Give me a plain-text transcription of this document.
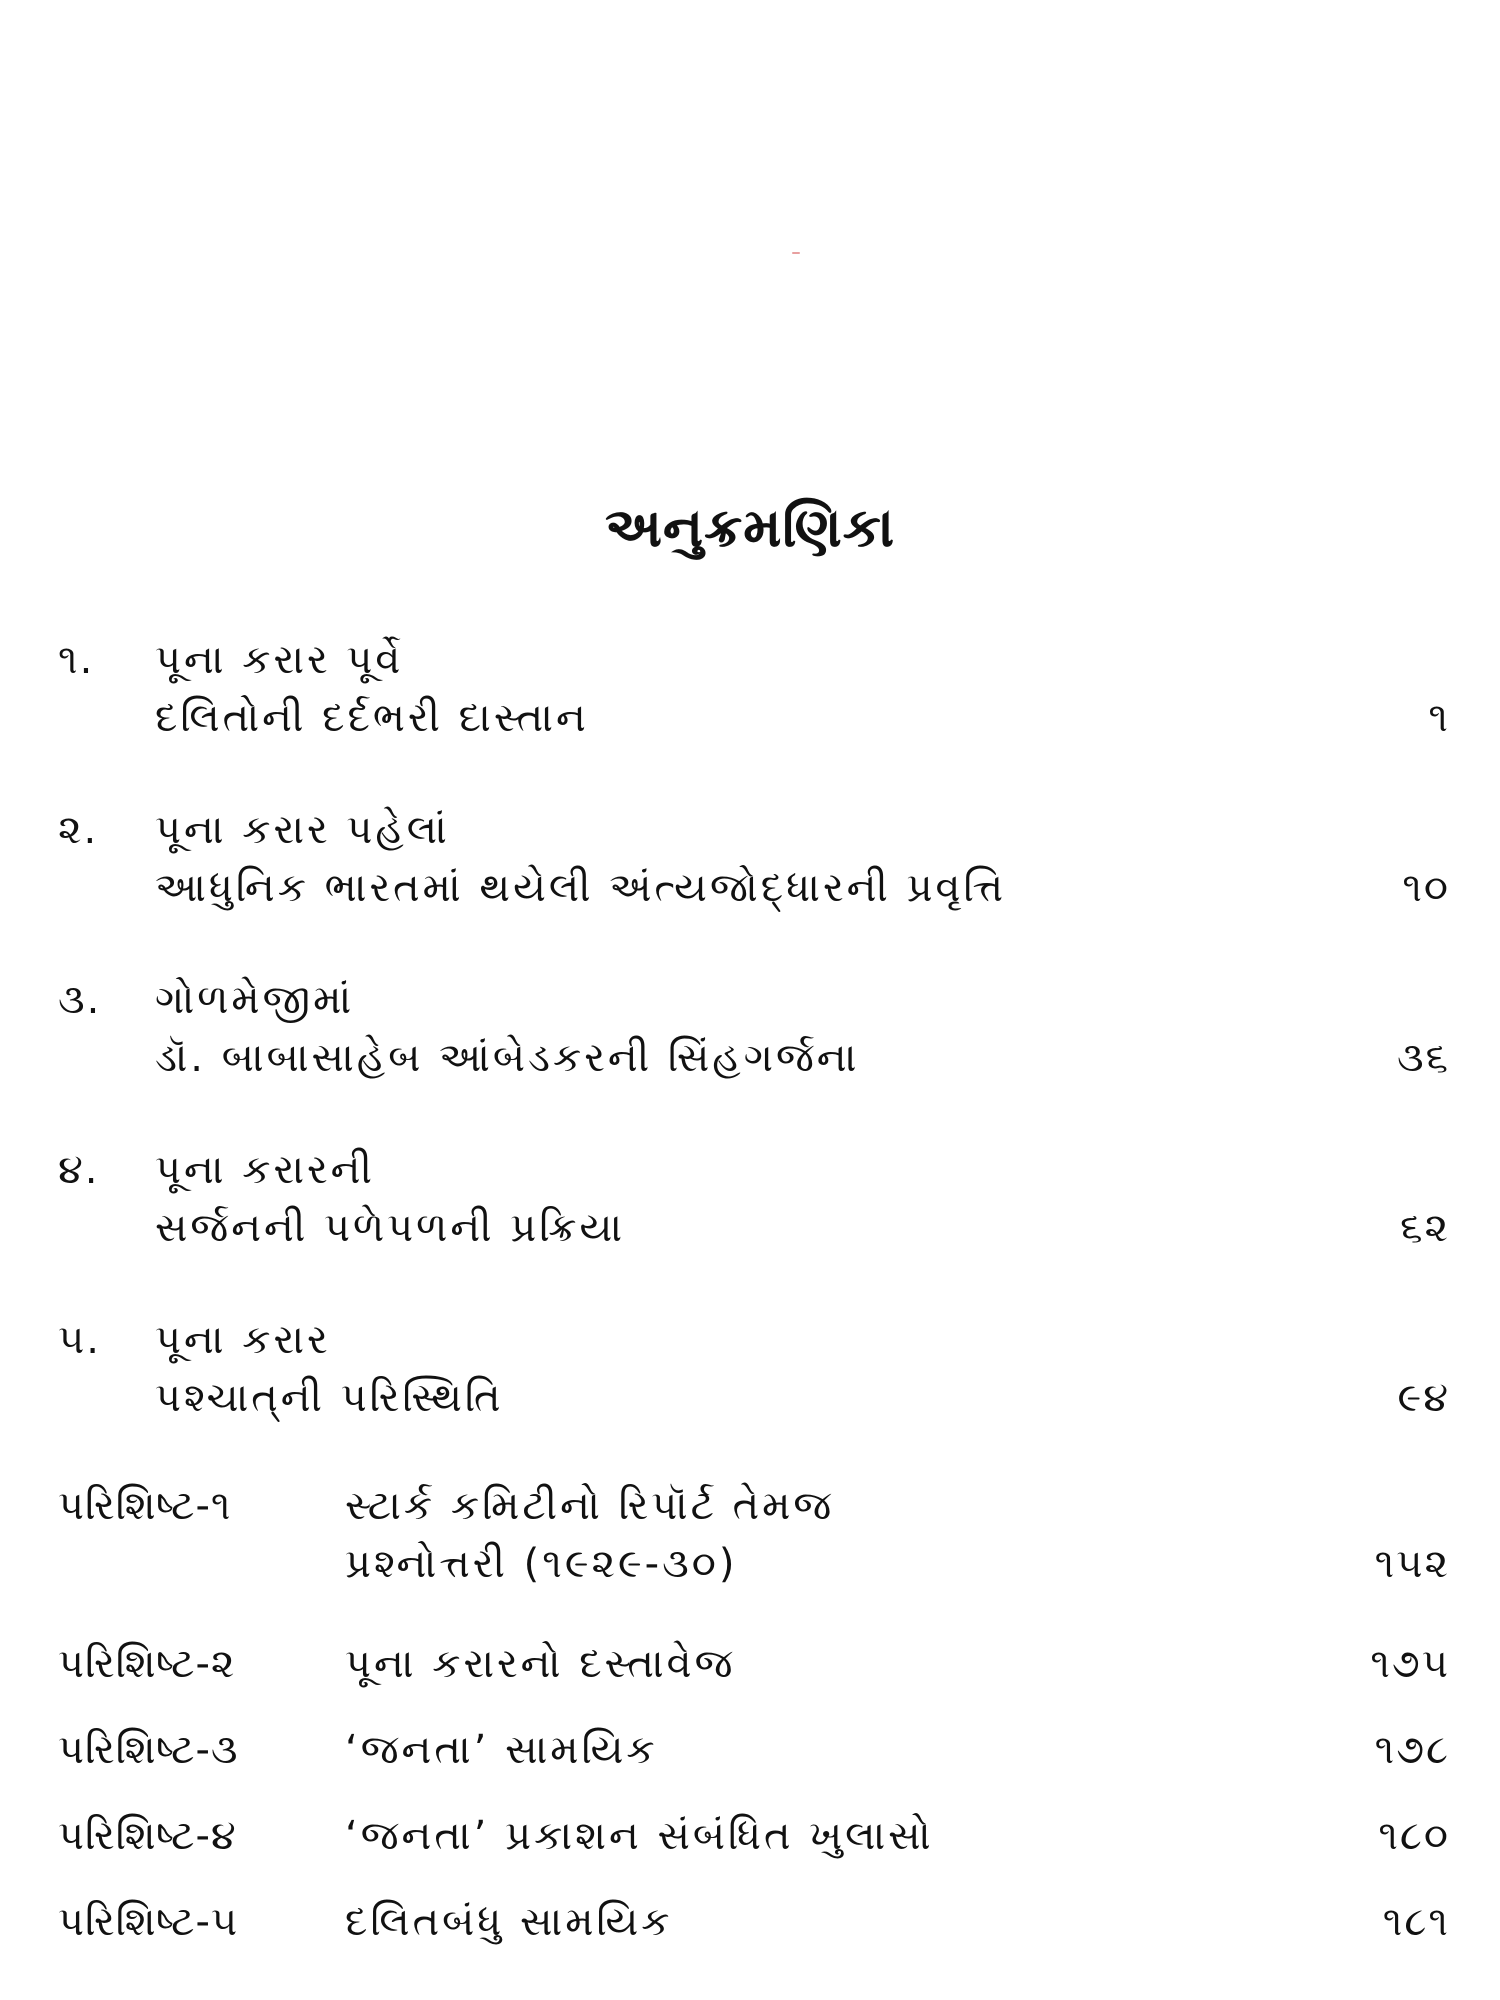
અનુક્રમણિકા
૧. પૂના કરાર પૂર્વે
દલિતોની દર્દભરી દાસ્તાન	૧
૨. પૂના કરાર પહેલાં
આધુનિક ભારતમાં થયેલી અંત્યજોદ્ધારની પ્રવૃત્તિ	૧૦
૩. ગોળમેજીમાં
ડૉ. બાબાસાહેબ આંબેડકરની સિંહગર્જના	૩૬
૪. પૂના કરારની
સર્જનની પળેપળની પ્રક્રિયા	૬૨
૫. પૂના કરાર
પશ્ચાત્‌ની પરિસ્થિતિ	૯૪
પરિશિષ્ટ-૧	સ્ટાર્ક કમિટીનો રિપૉર્ટ તેમજ
પ્રશ્નોત્તરી (૧૯૨૯-૩૦)	૧૫૨
પરિશિષ્ટ-૨	પૂના કરારનો દસ્તાવેજ	૧૭૫
પરિશિષ્ટ-૩	‘જનતા’ સામયિક	૧૭૮
પરિશિષ્ટ-૪	‘જનતા’ પ્રકાશન સંબંધિત ખુલાસો	૧૮૦
પરિશિષ્ટ-૫	દલિતબંધુ સામયિક	૧૮૧
